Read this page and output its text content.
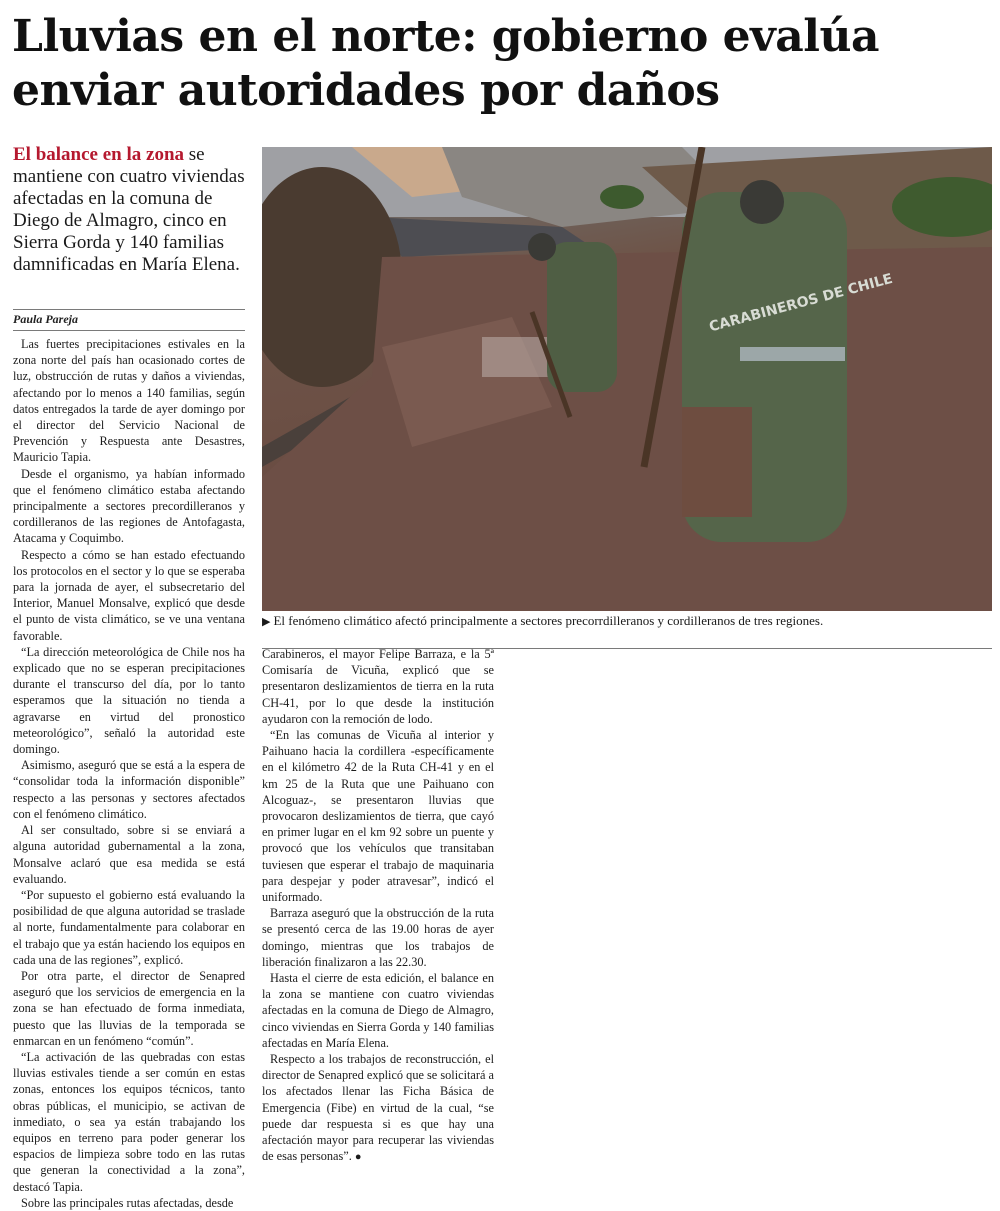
Lluvias en el norte: gobierno evalúa enviar autoridades por daños

El balance en la zona se mantiene con cuatro viviendas afectadas en la comuna de Diego de Almagro, cinco en Sierra Gorda y 140 familias damnificadas en María Elena.

Paula Pareja	CARABINEROS DE CHILE

▶ El fenómeno climático afectó principalmente a sectores precorrdilleranos y cordilleranos de tres regiones.

Las fuertes precipitaciones estivales en la zona norte del país han ocasionado cortes de luz, obstrucción de rutas y daños a viviendas, afectando por lo menos a 140 familias, según datos entregados la tarde de ayer domingo por el director del Servicio Nacional de Prevención y Respuesta ante Desastres, Mauricio Tapia.

Desde el organismo, ya habían informado que el fenómeno climático estaba afectando principalmente a sectores precordilleranos y cordilleranos de las regiones de Antofagasta, Atacama y Coquimbo.

Respecto a cómo se han estado efectuando los protocolos en el sector y lo que se esperaba para la jornada de ayer, el subsecretario del Interior, Manuel Monsalve, explicó que desde el punto de vista climático, se ve una ventana favorable.

“La dirección meteorológica de Chile nos ha explicado que no se esperan precipitaciones durante el transcurso del día, por lo tanto esperamos que la situación no tienda a agravarse en virtud del pronostico meteorológico”, señaló la autoridad este domingo.

Asimismo, aseguró que se está a la espera de “consolidar toda la información disponible” respecto a las personas y sectores afectados con el fenómeno climático.

Al ser consultado, sobre si se enviará a alguna autoridad gubernamental a la zona, Monsalve aclaró que esa medida se está evaluando.

“Por supuesto el gobierno está evaluando la posibilidad de que alguna autoridad se traslade al norte, fundamentalmente para colaborar en el trabajo que ya están haciendo los equipos en cada una de las regiones”, explicó.

Por otra parte, el director de Senapred aseguró que los servicios de emergencia en la zona se han efectuado de forma inmediata, puesto que las lluvias de la temporada se enmarcan en un fenómeno “común”.

“La activación de las quebradas con estas lluvias estivales tiende a ser común en estas zonas, entonces los equipos técnicos, tanto obras públicas, el municipio, se activan de inmediato, o sea ya están trabajando los equipos en terreno para poder generar los espacios de limpieza sobre todo en las rutas que generan la conectividad a la zona”, destacó Tapia.

Sobre las principales rutas afectadas, desde

Carabineros, el mayor Felipe Barraza, e la 5ª Comisaría de Vicuña, explicó que se presentaron deslizamientos de tierra en la ruta CH-41, por lo que desde la institución ayudaron con la remoción de lodo.

“En las comunas de Vicuña al interior y Paihuano hacia la cordillera -específicamente en el kilómetro 42 de la Ruta CH-41 y en el km 25 de la Ruta que une Paihuano con Alcoguaz-, se presentaron lluvias que provocaron deslizamientos de tierra, que cayó en primer lugar en el km 92 sobre un puente y provocó que los vehículos que transitaban tuviesen que esperar el trabajo de maquinaria para despejar y poder atravesar”, indicó el uniformado.

Barraza aseguró que la obstrucción de la ruta se presentó cerca de las 19.00 horas de ayer domingo, mientras que los trabajos de liberación finalizaron a las 22.30.

Hasta el cierre de esta edición, el balance en la zona se mantiene con cuatro viviendas afectadas en la comuna de Diego de Almagro, cinco viviendas en Sierra Gorda y 140 familias afectadas en María Elena.

Respecto a los trabajos de reconstrucción, el director de Senapred explicó que se solicitará a los afectados llenar las Ficha Básica de Emergencia (Fibe) en virtud de la cual, “se puede dar respuesta si es que hay una afectación mayor para recuperar las viviendas de esas personas”. ●
